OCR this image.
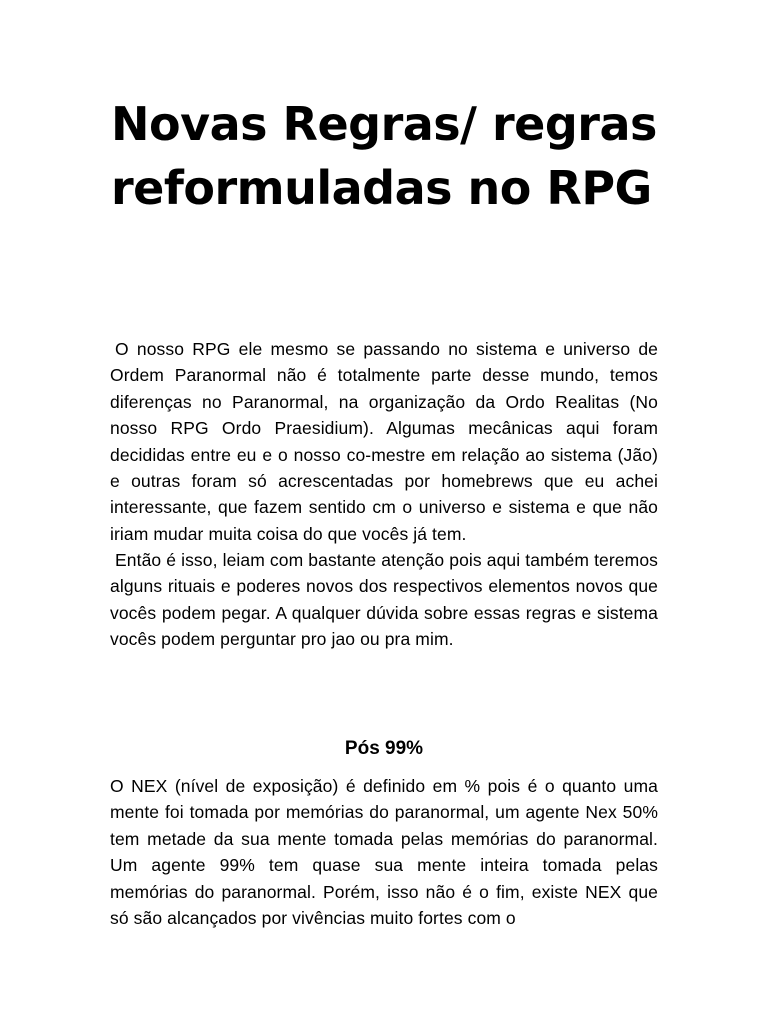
Novas Regras/ regras reformuladas no RPG

O nosso RPG ele mesmo se passando no sistema e universo de Ordem Paranormal não é totalmente parte desse mundo, temos diferenças no Paranormal, na organização da Ordo Realitas (No nosso RPG Ordo Praesidium). Algumas mecânicas aqui foram decididas entre eu e o nosso co-mestre em relação ao sistema (Jão) e outras foram só acrescentadas por homebrews que eu achei interessante, que fazem sentido cm o universo e sistema e que não iriam mudar muita coisa do que vocês já tem.

Então é isso, leiam com bastante atenção pois aqui também teremos alguns rituais e poderes novos dos respectivos elementos novos que vocês podem pegar. A qualquer dúvida sobre essas regras e sistema vocês podem perguntar pro jao ou pra mim.

Pós 99%

O NEX (nível de exposição) é definido em % pois é o quanto uma mente foi tomada por memórias do paranormal, um agente Nex 50% tem metade da sua mente tomada pelas memórias do paranormal. Um agente 99% tem quase sua mente inteira tomada pelas memórias do paranormal. Porém, isso não é o fim, existe NEX que só são alcançados por vivências muito fortes com o
